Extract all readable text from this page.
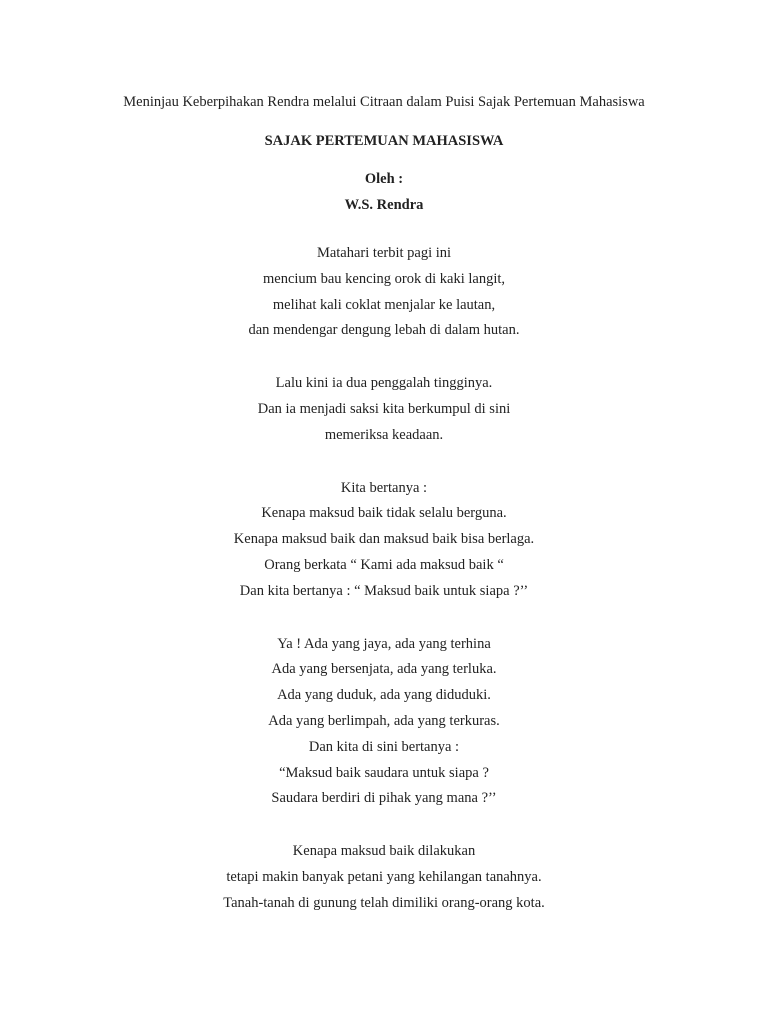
Meninjau Keberpihakan Rendra melalui Citraan dalam Puisi Sajak Pertemuan Mahasiswa
SAJAK PERTEMUAN MAHASISWA
Oleh :
W.S. Rendra
Matahari terbit pagi ini
mencium bau kencing orok di kaki langit,
melihat kali coklat menjalar ke lautan,
dan mendengar dengung lebah di dalam hutan.
Lalu kini ia dua penggalah tingginya.
Dan ia menjadi saksi kita berkumpul di sini
memeriksa keadaan.
Kita bertanya :
Kenapa maksud baik tidak selalu berguna.
Kenapa maksud baik dan maksud baik bisa berlaga.
Orang berkata “ Kami ada maksud baik “
Dan kita bertanya : “ Maksud baik untuk siapa ?’’
Ya ! Ada yang jaya, ada yang terhina
Ada yang bersenjata, ada yang terluka.
Ada yang duduk, ada yang diduduki.
Ada yang berlimpah, ada yang terkuras.
Dan kita di sini bertanya :
“Maksud baik saudara untuk siapa ?
Saudara berdiri di pihak yang mana ?’’
Kenapa maksud baik dilakukan
tetapi makin banyak petani yang kehilangan tanahnya.
Tanah-tanah di gunung telah dimiliki orang-orang kota.
